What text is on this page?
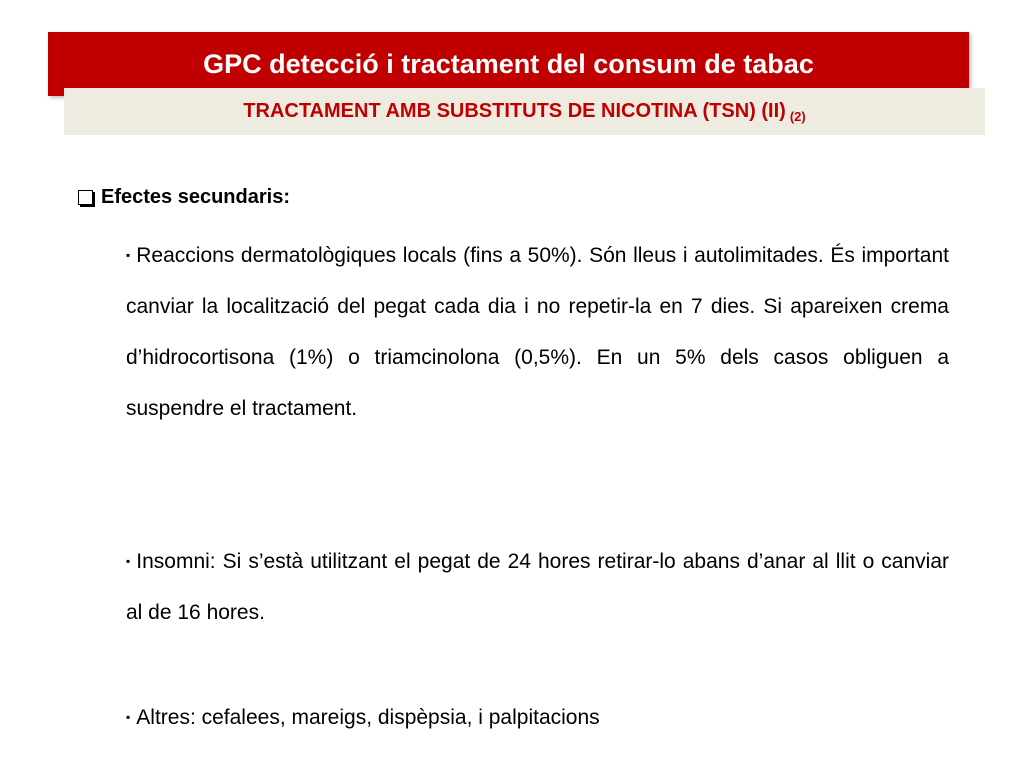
GPC detecció i tractament del consum de tabac
TRACTAMENT AMB SUBSTITUTS DE NICOTINA (TSN) (II) $_{(2)}$
Efectes secundaris:
▪ Reaccions dermatològiques locals (fins a 50%). Són lleus i autolimitades. És important canviar la localització del pegat cada dia i no repetir-la en 7 dies. Si apareixen crema d’hidrocortisona (1%) o triamcinolona (0,5%). En un 5% dels casos obliguen a suspendre el tractament.
▪ Insomni: Si s’està utilitzant el pegat de 24 hores retirar-lo abans d’anar al llit o canviar al de 16 hores.
▪ Altres: cefalees, mareigs, dispèpsia, i palpitacions
